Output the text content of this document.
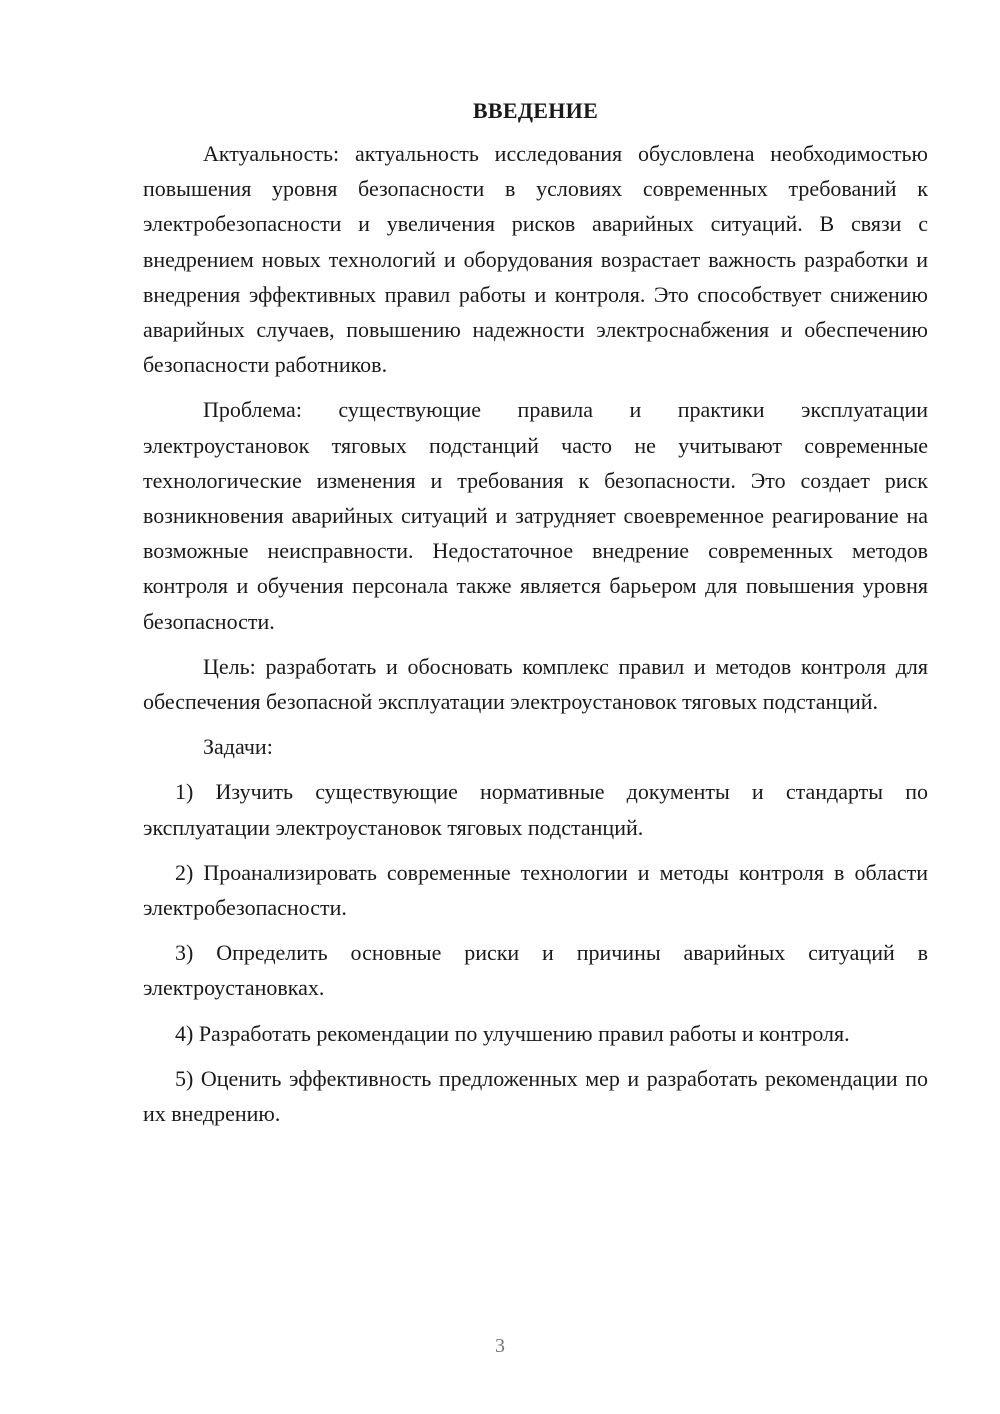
ВВЕДЕНИЕ

Актуальность: актуальность исследования обусловлена необходимостью повышения уровня безопасности в условиях современных требований к электробезопасности и увеличения рисков аварийных ситуаций. В связи с внедрением новых технологий и оборудования возрастает важность разработки и внедрения эффективных правил работы и контроля. Это способствует снижению аварийных случаев, повышению надежности электроснабжения и обеспечению безопасности работников.

Проблема: существующие правила и практики эксплуатации электроустановок тяговых подстанций часто не учитывают современные технологические изменения и требования к безопасности. Это создает риск возникновения аварийных ситуаций и затрудняет своевременное реагирование на возможные неисправности. Недостаточное внедрение современных методов контроля и обучения персонала также является барьером для повышения уровня безопасности.

Цель: разработать и обосновать комплекс правил и методов контроля для обеспечения безопасной эксплуатации электроустановок тяговых подстанций.

Задачи:

1) Изучить существующие нормативные документы и стандарты по эксплуатации электроустановок тяговых подстанций.

2) Проанализировать современные технологии и методы контроля в области электробезопасности.

3) Определить основные риски и причины аварийных ситуаций в электроустановках.

4) Разработать рекомендации по улучшению правил работы и контроля.

5) Оценить эффективность предложенных мер и разработать рекомендации по их внедрению.

3
